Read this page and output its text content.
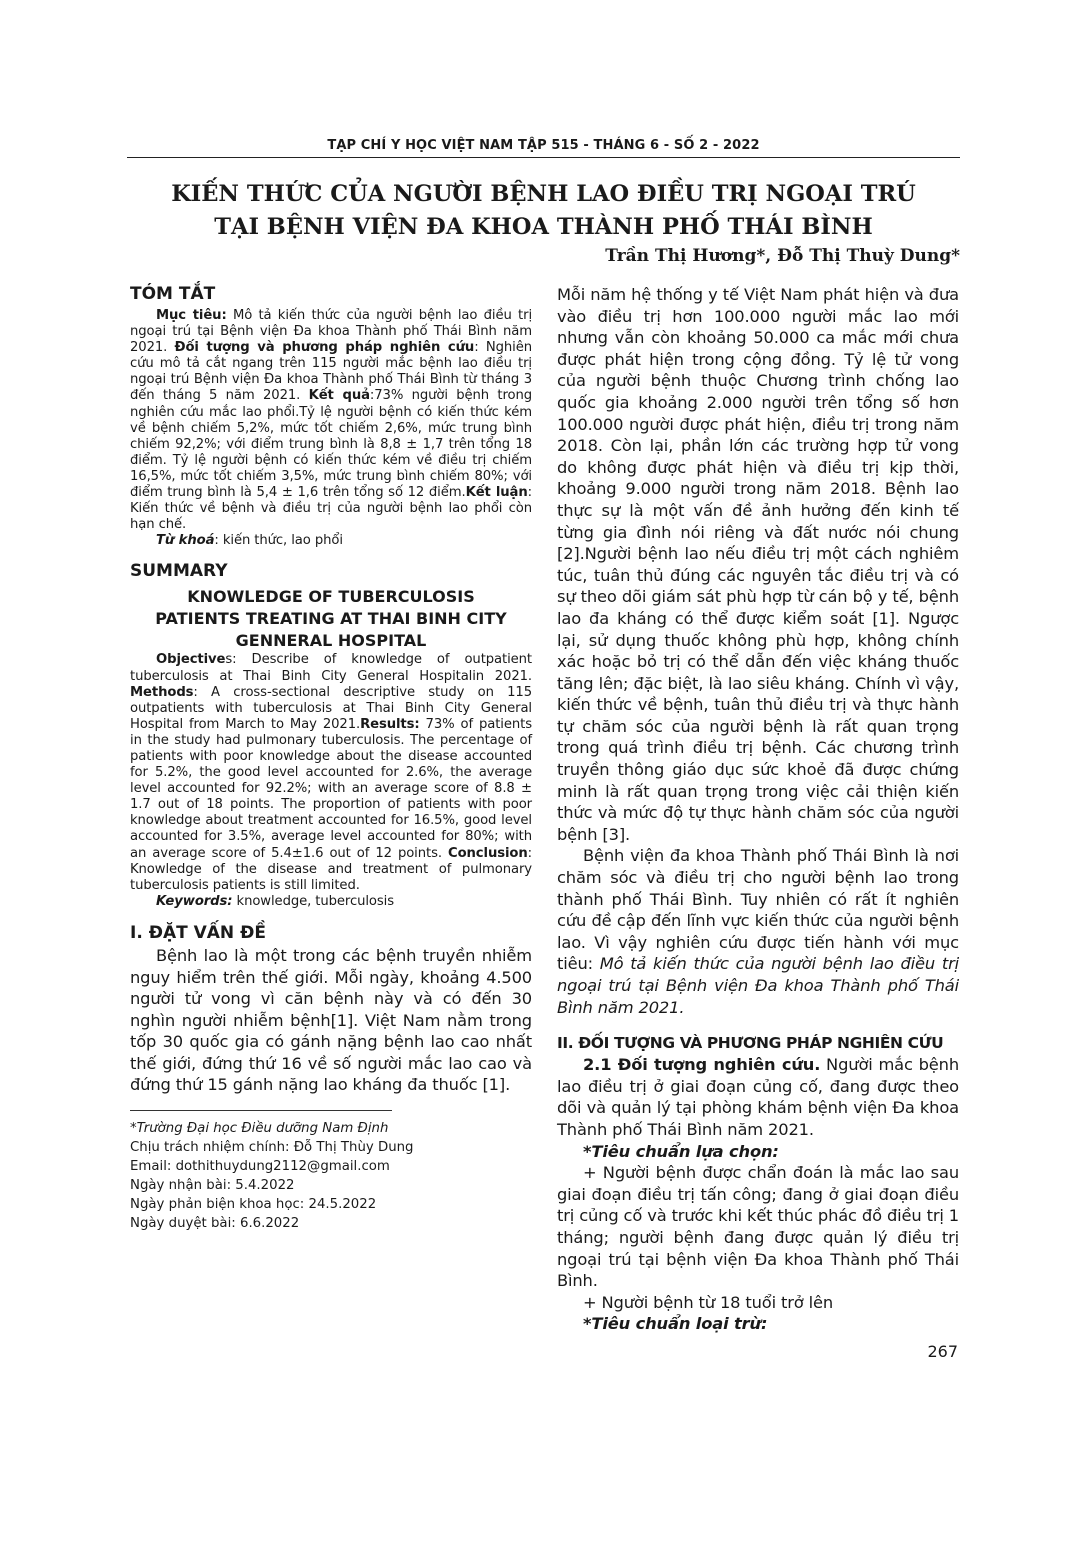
TẠP CHÍ Y HỌC VIỆT NAM TẬP 515 - THÁNG 6 - SỐ 2 - 2022
KIẾN THỨC CỦA NGƯỜI BỆNH LAO ĐIỀU TRỊ NGOẠI TRÚ
TẠI BỆNH VIỆN ĐA KHOA THÀNH PHỐ THÁI BÌNH
Trần Thị Hương*, Đỗ Thị Thuỳ Dung*
TÓM TẮT

Mục tiêu: Mô tả kiến thức của người bệnh lao điều trị ngoại trú tại Bệnh viện Đa khoa Thành phố Thái Bình năm 2021. Đối tượng và phương pháp nghiên cứu: Nghiên cứu mô tả cắt ngang trên 115 người mắc bệnh lao điều trị ngoại trú Bệnh viện Đa khoa Thành phố Thái Bình từ tháng 3 đến tháng 5 năm 2021. Kết quả:73% người bệnh trong nghiên cứu mắc lao phổi.Tỷ lệ người bệnh có kiến thức kém về bệnh chiếm 5,2%, mức tốt chiếm 2,6%, mức trung bình chiếm 92,2%; với điểm trung bình là 8,8 ± 1,7 trên tổng 18 điểm. Tỷ lệ người bệnh có kiến thức kém về điều trị chiếm 16,5%, mức tốt chiếm 3,5%, mức trung bình chiếm 80%; với điểm trung bình là 5,4 ± 1,6 trên tổng số 12 điểm.Kết luận: Kiến thức về bệnh và điều trị của người bệnh lao phổi còn hạn chế.

Từ khoá: kiến thức, lao phổi

SUMMARY
KNOWLEDGE OF TUBERCULOSIS
PATIENTS TREATING AT THAI BINH CITY
GENNERAL HOSPITAL

Objectives: Describe of knowledge of outpatient tuberculosis at Thai Binh City General Hospitalin 2021. Methods: A cross-sectional descriptive study on 115 outpatients with tuberculosis at Thai Binh City General Hospital from March to May 2021.Results: 73% of patients in the study had pulmonary tuberculosis. The percentage of patients with poor knowledge about the disease accounted for 5.2%, the good level accounted for 2.6%, the average level accounted for 92.2%; with an average score of 8.8 ± 1.7 out of 18 points. The proportion of patients with poor knowledge about treatment accounted for 16.5%, good level accounted for 3.5%, average level accounted for 80%; with an average score of 5.4±1.6 out of 12 points. Conclusion: Knowledge of the disease and treatment of pulmonary tuberculosis patients is still limited.

Keywords: knowledge, tuberculosis

I. ĐẶT VẤN ĐỀ

Bệnh lao là một trong các bệnh truyền nhiễm nguy hiểm trên thế giới. Mỗi ngày, khoảng 4.500 người tử vong vì căn bệnh này và có đến 30 nghìn người nhiễm bệnh[1]. Việt Nam nằm trong tốp 30 quốc gia có gánh nặng bệnh lao cao nhất thế giới, đứng thứ 16 về số người mắc lao cao và đứng thứ 15 gánh nặng lao kháng đa thuốc [1].

*Trường Đại học Điều dưỡng Nam Định

Chịu trách nhiệm chính: Đỗ Thị Thùy Dung

Email: dothithuydung2112@gmail.com

Ngày nhận bài: 5.4.2022

Ngày phản biện khoa học: 24.5.2022

Ngày duyệt bài: 6.6.2022

Mỗi năm hệ thống y tế Việt Nam phát hiện và đưa vào điều trị hơn 100.000 người mắc lao mới nhưng vẫn còn khoảng 50.000 ca mắc mới chưa được phát hiện trong cộng đồng. Tỷ lệ tử vong của người bệnh thuộc Chương trình chống lao quốc gia khoảng 2.000 người trên tổng số hơn 100.000 người được phát hiện, điều trị trong năm 2018. Còn lại, phần lớn các trường hợp tử vong do không được phát hiện và điều trị kịp thời, khoảng 9.000 người trong năm 2018. Bệnh lao thực sự là một vấn đề ảnh hưởng đến kinh tế từng gia đình nói riêng và đất nước nói chung [2].Người bệnh lao nếu điều trị một cách nghiêm túc, tuân thủ đúng các nguyên tắc điều trị và có sự theo dõi giám sát phù hợp từ cán bộ y tế, bệnh lao đa kháng có thể được kiểm soát [1]. Ngược lại, sử dụng thuốc không phù hợp, không chính xác hoặc bỏ trị có thể dẫn đến việc kháng thuốc tăng lên; đặc biệt, là lao siêu kháng. Chính vì vậy, kiến thức về bệnh, tuân thủ điều trị và thực hành tự chăm sóc của người bệnh là rất quan trọng trong quá trình điều trị bệnh. Các chương trình truyền thông giáo dục sức khoẻ đã được chứng minh là rất quan trọng trong việc cải thiện kiến thức và mức độ tự thực hành chăm sóc của người bệnh [3].

Bệnh viện đa khoa Thành phố Thái Bình là nơi chăm sóc và điều trị cho người bệnh lao trong thành phố Thái Bình. Tuy nhiên có rất ít nghiên cứu đề cập đến lĩnh vực kiến thức của người bệnh lao. Vì vậy nghiên cứu được tiến hành với mục tiêu: Mô tả kiến thức của người bệnh lao điều trị ngoại trú tại Bệnh viện Đa khoa Thành phố Thái Bình năm 2021.

II. ĐỐI TƯỢNG VÀ PHƯƠNG PHÁP NGHIÊN CỨU

2.1 Đối tượng nghiên cứu. Người mắc bệnh lao điều trị ở giai đoạn củng cố, đang được theo dõi và quản lý tại phòng khám bệnh viện Đa khoa Thành phố Thái Bình năm 2021.

*Tiêu chuẩn lựa chọn:

+ Người bệnh được chẩn đoán là mắc lao sau giai đoạn điều trị tấn công; đang ở giai đoạn điều trị củng cố và trước khi kết thúc phác đồ điều trị 1 tháng; người bệnh đang được quản lý điều trị ngoại trú tại bệnh viện Đa khoa Thành phố Thái Bình.

+ Người bệnh từ 18 tuổi trở lên

*Tiêu chuẩn loại trừ:

267
